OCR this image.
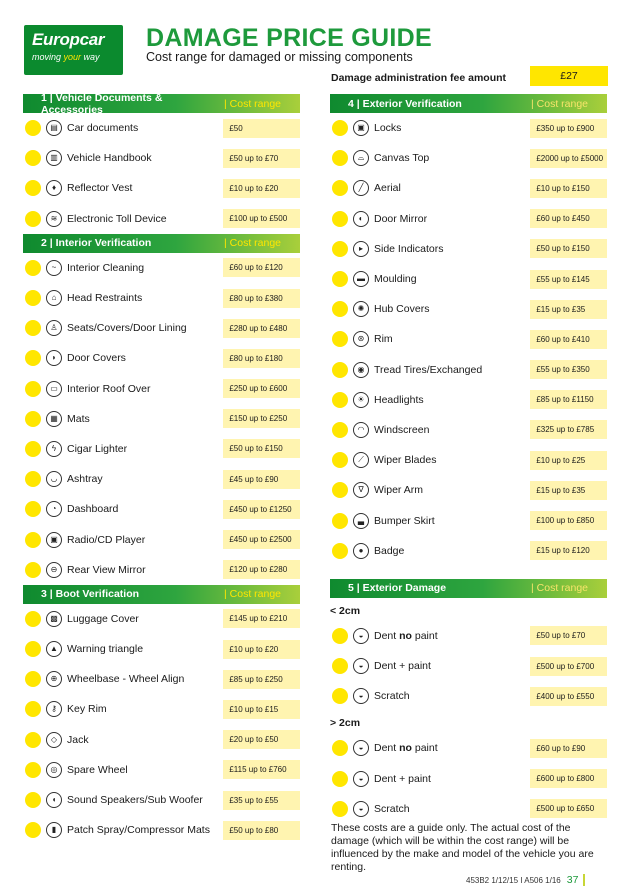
Europcar
moving your way
DAMAGE PRICE GUIDE
Cost range for damaged or missing components
Damage administration fee amount	£27
1 | Vehicle Documents & Accessories	| Cost range
▤ Car documents	£50
▥ Vehicle Handbook	£50 up to £70
♦	Reflector Vest	£10 up to £20
≋ Electronic Toll Device	£100 up to £500
2 | Interior Verification	| Cost range
~	Interior Cleaning	£60 up to £120
⌂	Head Restraints	£80 up to £380
♙ Seats/Covers/Door Lining	£280 up to £480
◗	Door Covers	£80 up to £180
▭ Interior Roof Over	£250 up to £600
▦ Mats	£150 up to £250
ϟ	Cigar Lighter	£50 up to £150
◡ Ashtray	£45 up to £90
◔	Dashboard	£450 up to £1250
▣ Radio/CD Player	£450 up to £2500
⊖ Rear View Mirror	£120 up to £280
3 | Boot Verification	| Cost range
▩ Luggage Cover	£145 up to £210
▲ Warning triangle	£10 up to £20
⊕ Wheelbase - Wheel Align	£85 up to £250
⚷ Key Rim	£10 up to £15
◇ Jack	£20 up to £50
◎ Spare Wheel	£115 up to £760
◖	Sound Speakers/Sub Woofer	£35 up to £55
▮	Patch Spray/Compressor Mats	£50 up to £80
4 | Exterior Verification	| Cost range
▣ Locks	£350 up to £900
⌓ Canvas Top	£2000 up to £5000
╱	Aerial	£10 up to £150
◐	Door Mirror	£60 up to £450
▸	Side Indicators	£50 up to £150
▬ Moulding	£55 up to £145
✺ Hub Covers	£15 up to £35
⊛ Rim	£60 up to £410
◉ Tread Tires/Exchanged	£55 up to £350
☀ Headlights	£85 up to £1150
◠ Windscreen	£325 up to £785
⟋ Wiper Blades	£10 up to £25
∇ Wiper Arm	£15 up to £35
▃ Bumper Skirt	£100 up to £850
●	Badge	£15 up to £120
5 | Exterior Damage	| Cost range
< 2cm
◒	Dent no paint	£50 up to £70
◒	Dent + paint	£500 up to £700
◒	Scratch	£400 up to £550
> 2cm
◒	Dent no paint	£60 up to £90
◒	Dent + paint	£600 up to £800
◒	Scratch	£500 up to £650
These costs are a guide only. The actual cost of the damage (which will be within the cost range) will be influenced by the make and model of the vehicle you are renting.
453B2 1/12/15 I A506 1/16 37
